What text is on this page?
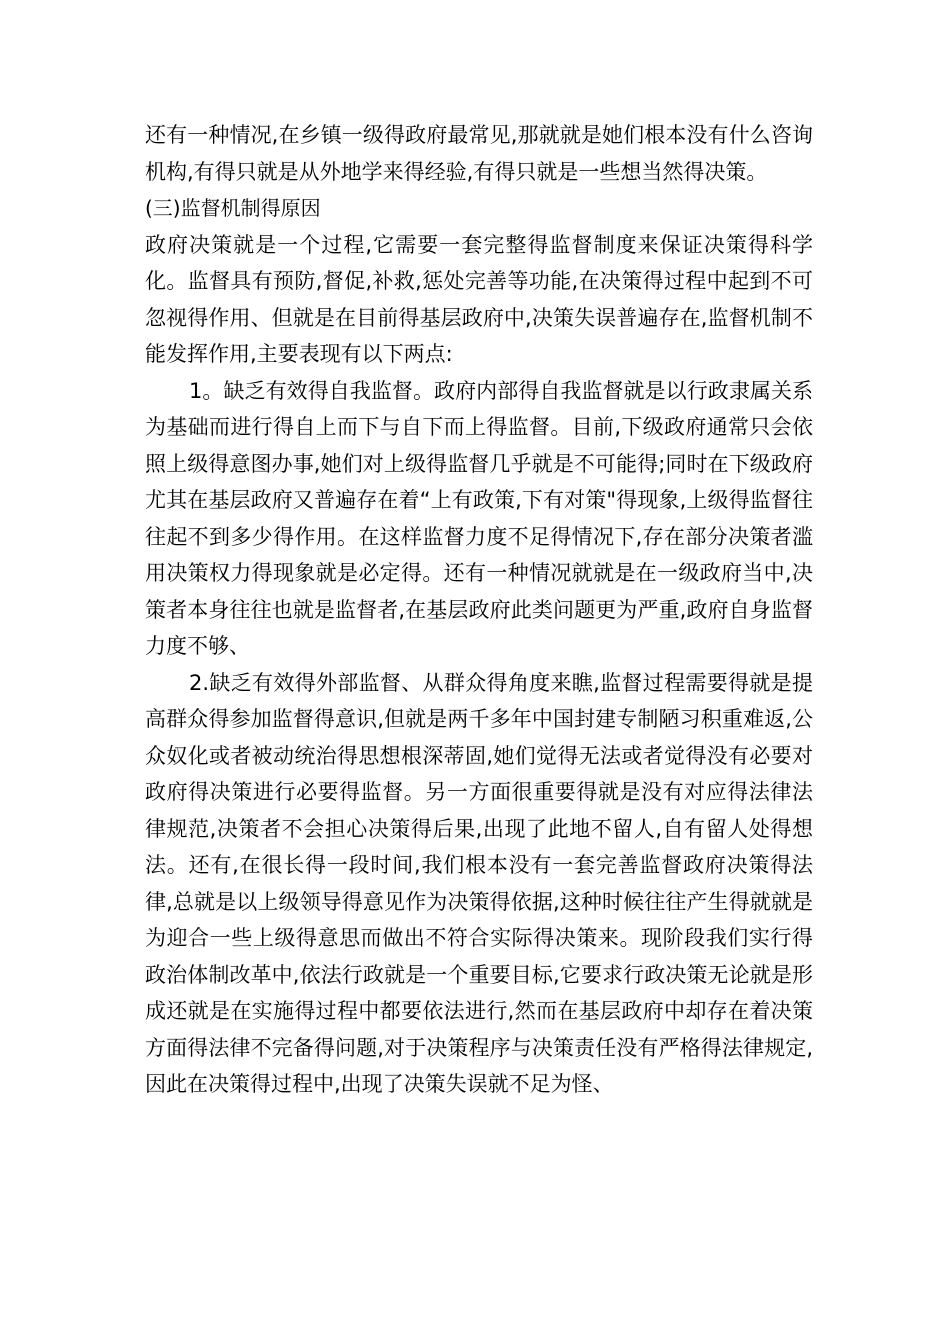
还有一种情况,在乡镇一级得政府最常见,那就就是她们根本没有什么咨询机构,有得只就是从外地学来得经验,有得只就是一些想当然得决策。

(三)监督机制得原因

政府决策就是一个过程,它需要一套完整得监督制度来保证决策得科学化。监督具有预防,督促,补救,惩处完善等功能,在决策得过程中起到不可忽视得作用、但就是在目前得基层政府中,决策失误普遍存在,监督机制不能发挥作用,主要表现有以下两点:

1。缺乏有效得自我监督。政府内部得自我监督就是以行政隶属关系为基础而进行得自上而下与自下而上得监督。目前,下级政府通常只会依照上级得意图办事,她们对上级得监督几乎就是不可能得;同时在下级政府尤其在基层政府又普遍存在着“上有政策,下有对策"得现象,上级得监督往往起不到多少得作用。在这样监督力度不足得情况下,存在部分决策者滥用决策权力得现象就是必定得。还有一种情况就就是在一级政府当中,决策者本身往往也就是监督者,在基层政府此类问题更为严重,政府自身监督力度不够、

2.缺乏有效得外部监督、从群众得角度来瞧,监督过程需要得就是提高群众得参加监督得意识,但就是两千多年中国封建专制陋习积重难返,公众奴化或者被动统治得思想根深蒂固,她们觉得无法或者觉得没有必要对政府得决策进行必要得监督。另一方面很重要得就是没有对应得法律法律规范,决策者不会担心决策得后果,出现了此地不留人,自有留人处得想法。还有,在很长得一段时间,我们根本没有一套完善监督政府决策得法律,总就是以上级领导得意见作为决策得依据,这种时候往往产生得就就是为迎合一些上级得意思而做出不符合实际得决策来。现阶段我们实行得政治体制改革中,依法行政就是一个重要目标,它要求行政决策无论就是形成还就是在实施得过程中都要依法进行,然而在基层政府中却存在着决策方面得法律不完备得问题,对于决策程序与决策责任没有严格得法律规定,因此在决策得过程中,出现了决策失误就不足为怪、
